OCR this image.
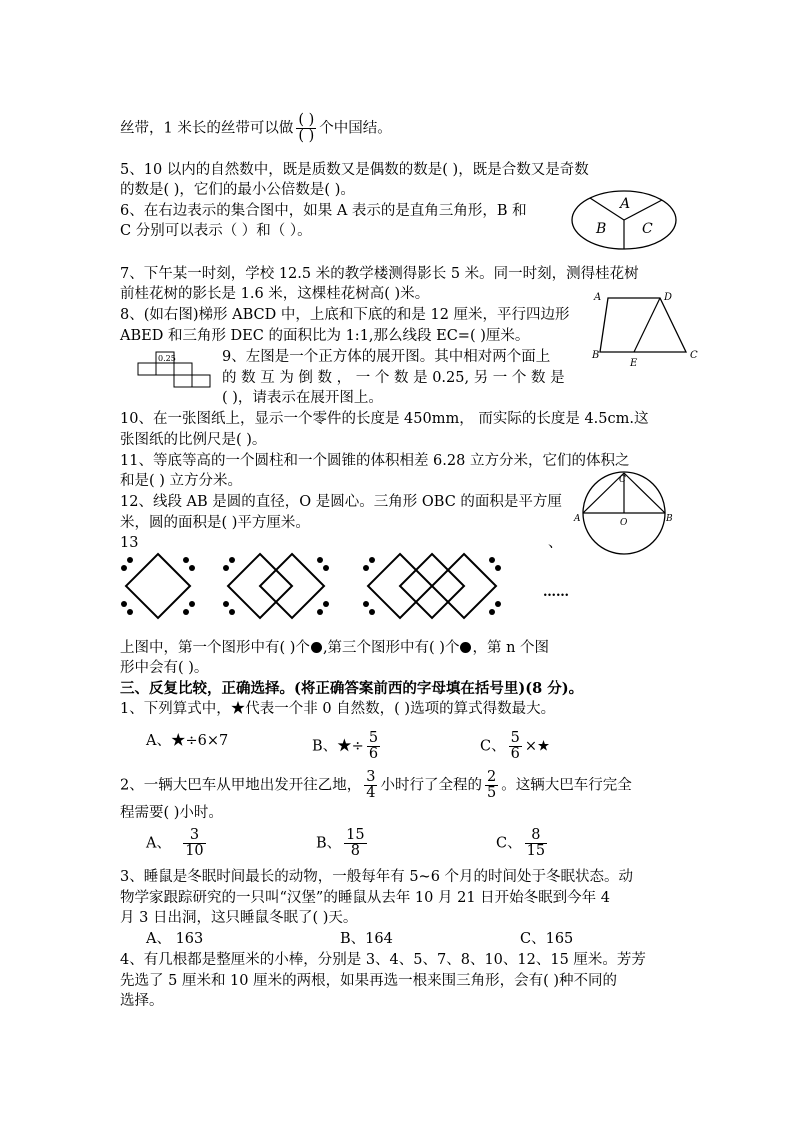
丝带，1 米长的丝带可以做 $\frac{( )}{( )}$ 个中国结。
5、10 以内的自然数中，既是质数又是偶数的数是( )，既是合数又是奇数
的数是( )，它们的最小公倍数是( )。
6、在右边表示的集合图中，如果 A 表示的是直角三角形，B 和
C 分别可以表示（ ）和（ ）。
A
B	C
7、下午某一时刻，学校 12.5 米的教学楼测得影长 5 米。同一时刻，测得桂花树
前桂花树的影长是 1.6 米，这棵桂花树高( )米。
8、(如右图)梯形 ABCD 中，上底和下底的和是 12 厘米，平行四边形
ABED 和三角形 DEC 的面积比为 1:1,那么线段 EC=( )厘米。
A	D
B
E
C
0.25	9、左图是一个正方体的展开图。其中相对两个面上
的 数 互 为 倒 数 ， 一 个 数 是 0.25, 另 一 个 数 是
( )，请表示在展开图上。
10、在一张图纸上，显示一个零件的长度是 450mm， 而实际的长度是 4.5cm.这
张图纸的比例尺是( )。
11、等底等高的一个圆柱和一个圆锥的体积相差 6.28 立方分米，它们的体积之
和是( ) 立方分米。
12、线段 AB 是圆的直径，O 是圆心。三角形 OBC 的面积是平方厘
米，圆的面积是( )平方厘米。
C
A	B
O
13	、
……
上图中，第一个图形中有( )个 ,第三个图形中有( )个 ，第 n 个图
形中会有( )。
三、反复比较，正确选择。(将正确答案前西的字母填在括号里)(8 分)。
1、下列算式中，★代表一个非 0 自然数，( )选项的算式得数最大。
A、★÷6×7	B、★÷ $\frac{5}{6}$	C、 $\frac{5}{6}$ ×★
2、一辆大巴车从甲地出发开往乙地， $\frac{3}{4}$ 小时行了全程的 $\frac{2}{5}$ 。这辆大巴车行完全
程需要( )小时。
A、 $\frac{3}{10}$	B、 $\frac{15}{8}$	C、 $\frac{8}{15}$
3、睡鼠是冬眠时间最长的动物，一般每年有 5~6 个月的时间处于冬眠状态。动
物学家跟踪研究的一只叫“汉堡”的睡鼠从去年 10 月 21 日开始冬眠到今年 4
月 3 日出洞，这只睡鼠冬眠了( )天。
A、 163	B、164	C、165
4、有几根都是整厘米的小棒，分别是 3、4、5、7、8、10、12、15 厘米。芳芳
先选了 5 厘米和 10 厘米的两根，如果再选一根来围三角形，会有( )种不同的
选择。
